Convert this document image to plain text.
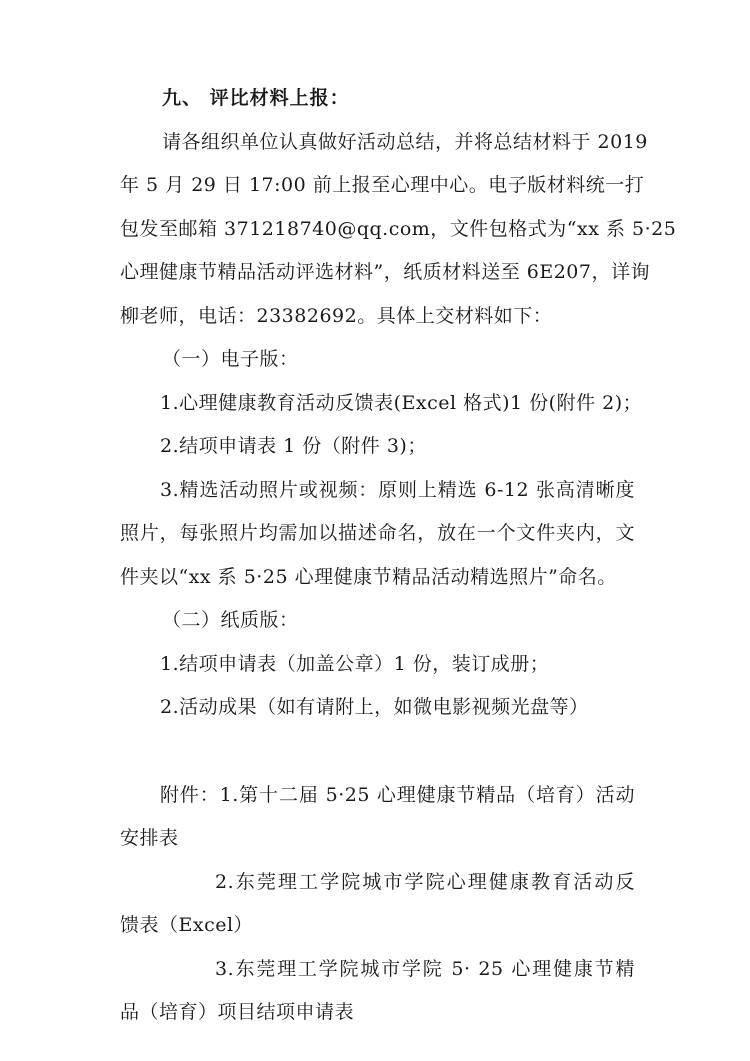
九、 评比材料上报：
请各组织单位认真做好活动总结，并将总结材料于 2019
年 5 月 29 日 17:00 前上报至心理中心。电子版材料统一打
包发至邮箱 371218740@qq.com，文件包格式为“xx 系 5·25
心理健康节精品活动评选材料”，纸质材料送至 6E207，详询
柳老师，电话：23382692。具体上交材料如下：
（一）电子版：
1.心理健康教育活动反馈表(Excel 格式)1 份(附件 2)；
2.结项申请表 1 份（附件 3)；
3.精选活动照片或视频：原则上精选 6-12 张高清晰度
照片，每张照片均需加以描述命名，放在一个文件夹内，文
件夹以“xx 系 5·25 心理健康节精品活动精选照片”命名。
（二）纸质版：
1.结项申请表（加盖公章）1 份，装订成册；
2.活动成果（如有请附上，如微电影视频光盘等）
附件：1.第十二届 5·25 心理健康节精品（培育）活动
安排表
2.东莞理工学院城市学院心理健康教育活动反
馈表（Excel）
3.东莞理工学院城市学院 5· 25 心理健康节精
品（培育）项目结项申请表
